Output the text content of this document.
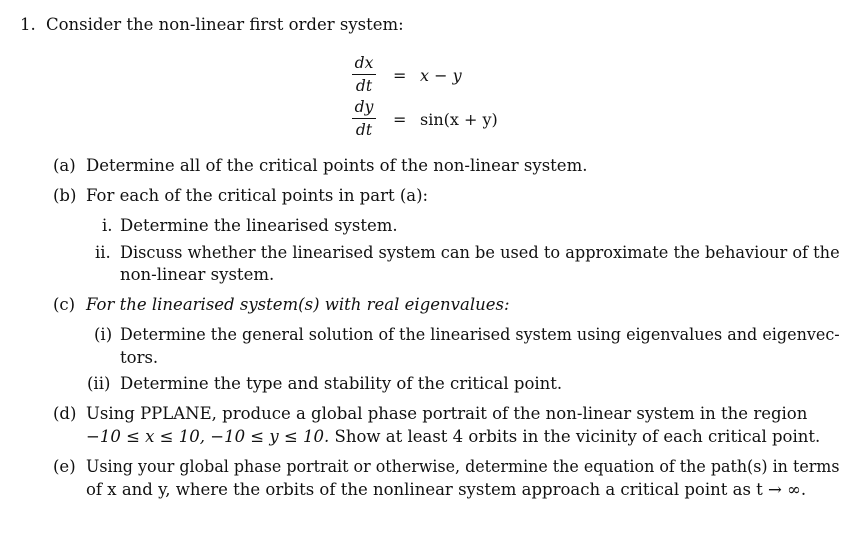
1. Consider the non-linear first order system:
dx
dt
= x − y
dy
dt
= sin(x + y)
(a) Determine all of the critical points of the non-linear system.
(b) For each of the critical points in part (a):
i. Determine the linearised system.
ii. Discuss whether the linearised system can be used to approximate the behaviour of the
non-linear system.
(c) For the linearised system(s) with real eigenvalues:
(i) Determine the general solution of the linearised system using eigenvalues and eigenvec-
tors.
(ii) Determine the type and stability of the critical point.
(d) Using PPLANE, produce a global phase portrait of the non-linear system in the region
−10 ≤ x ≤ 10, −10 ≤ y ≤ 10. Show at least 4 orbits in the vicinity of each critical point.
(e) Using your global phase portrait or otherwise, determine the equation of the path(s) in terms
of x and y, where the orbits of the nonlinear system approach a critical point as t → ∞.
